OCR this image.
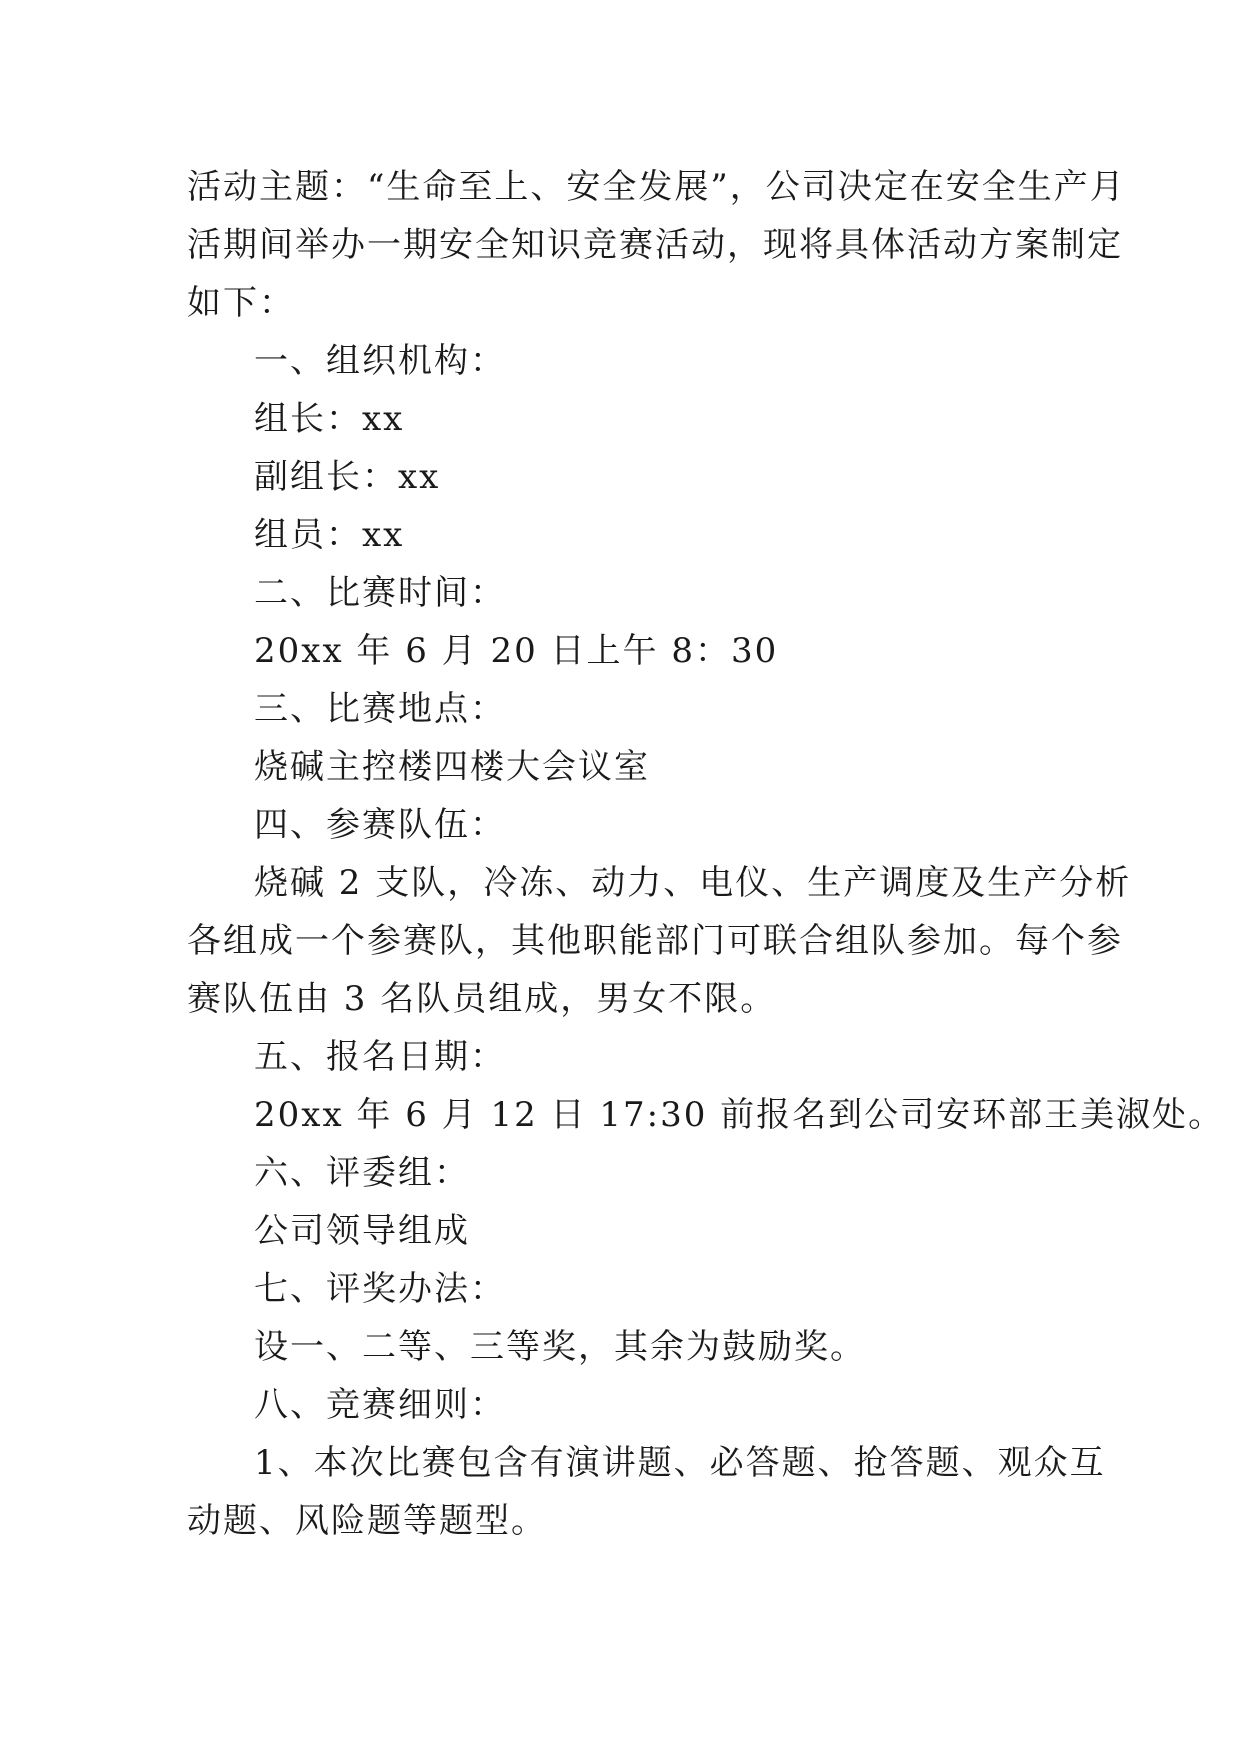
活动主题：“生命至上、安全发展”，公司决定在安全生产月
活期间举办一期安全知识竞赛活动，现将具体活动方案制定
如下：
一、组织机构：
组长：xx
副组长：xx
组员：xx
二、比赛时间：
20xx 年 6 月 20 日上午 8：30
三、比赛地点：
烧碱主控楼四楼大会议室
四、参赛队伍：
烧碱 2 支队，冷冻、动力、电仪、生产调度及生产分析
各组成一个参赛队，其他职能部门可联合组队参加。每个参
赛队伍由 3 名队员组成，男女不限。
五、报名日期：
20xx 年 6 月 12 日 17:30 前报名到公司安环部王美淑处。
六、评委组：
公司领导组成
七、评奖办法：
设一、二等、三等奖，其余为鼓励奖。
八、竞赛细则：
1、本次比赛包含有演讲题、必答题、抢答题、观众互
动题、风险题等题型。
